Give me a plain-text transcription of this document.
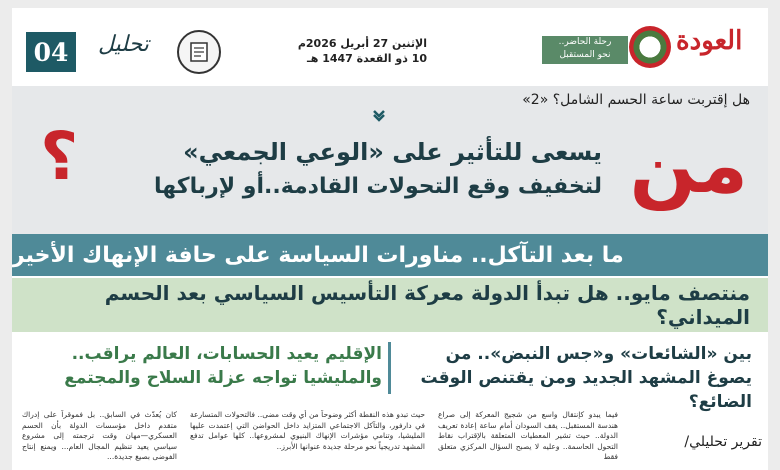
04	تحليل	الإثنين 27 أبريل 2026م
10 ذو القعدة 1447 هـ
رحلة الحاضر..
نحو المستقبل	العودة
هل إقتربت ساعة الحسم الشامل؟ «2»
من
؟	يسعى للتأثير على «الوعي الجمعي»
لتخفيف وقع التحولات القادمة..أو لإرباكها
ما بعد التآكل.. مناورات السياسة على حافة الإنهاك الأخير
منتصف مايو.. هل تبدأ الدولة معركة التأسيس السياسي بعد الحسم الميداني؟
بين «الشائعات» و«جس النبض».. من يصوغ المشهد الجديد ومن يقتنص الوقت الضائع؟
الإقليم يعيد الحسابات، العالم يراقب.. والمليشيا تواجه عزلة السلاح والمجتمع
كان يُعدّث في السابق.. بل فموقراً على إدراك متقدم داخل مؤسسات الدولة بأن الحسم العسكري—مهان وقت ترجمته إلى مشروع سياسي يعيد تنظيم المجال العام... ويمنع إنتاج الفوضى بصيغ جديدة...
حيث تبدو هذه النقطة أكثر وضوحاً من أي وقت مضى.. فالتحولات المتسارعة في دارفور، والتآكل الاجتماعي المتزايد داخل الحواضن التي إعتمدت عليها المليشيا، وتنامي مؤشرات الإنهاك البنيوي لمشروعها.. كلها عوامل تدفع المشهد تدريجياً نحو مرحلة جديدة عنوانها الأبرز..
فيما يبدو كإنتقال واسع من شجيج المعركة إلى صراع هندسة المستقبل.. يقف السودان أمام ساعة إعادة تعريف الدولة.. حيث تشير المعطيات المتعلقة بالإقتراب نقاط التحول الحاسمة.. وعليه لا يصبح السؤال المركزي متعلق فقط
تقرير تحليلي/
